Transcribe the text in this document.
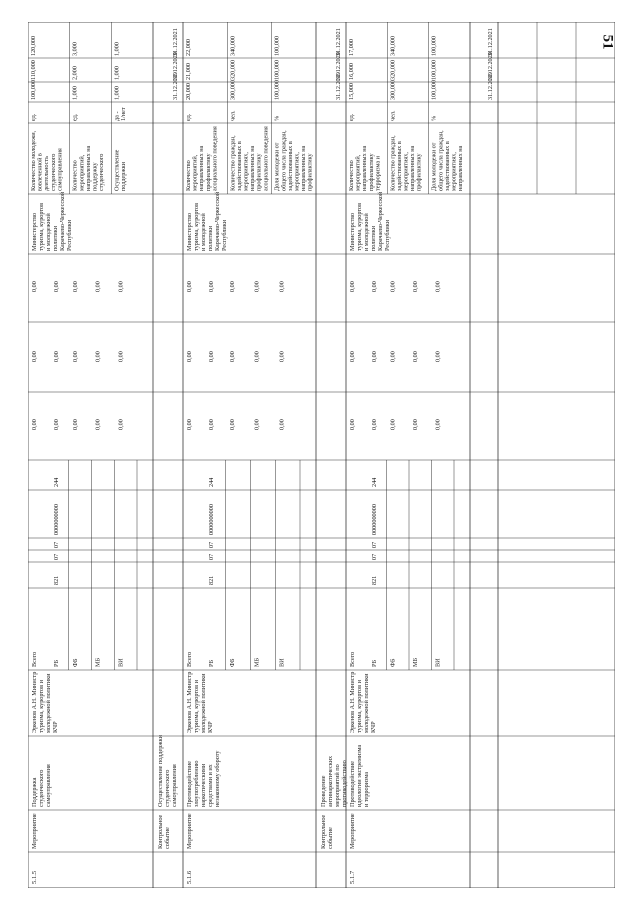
51
31.12.2019
31.12.2020
31.12.2021
31.12.2019
31.12.2020
31.12.2021
31.12.2019
31.12.2020
31.12.2021
5.1.5
Мероприятие
Поддержкастуденческогосамоуправления
Эркенов А.Н. Министртуризма, курортов имолодежной политикиКЧР
Всего РБ
821
07
07
0000000000
244
0,00
0,00
0,00
0,00
0,00
0,00
ФБ
0,00
0,00
0,00
МБ
0,00
0,00
0,00
ВИ
0,00
0,00
0,00
Министерствотуризма, курортови молодежнойполитикиКарачаево-ЧеркесскойРеспублики
Количество молодежи,вовлеченной вдеятельностьстуденческогосамоуправления
ед.
100,000
110,000
120,000
Количествомероприятий,направленных наподдержкустуденческого
ед.
1,000
2,000
3,000
Осуществлениеподдержки
да -1/нет
1,000
1,000
1,000
5.1.6
Мероприятие
Противодействиезлоупотреблениюнаркотическимисредствами и ихнезаконному обороту
Эркенов А.Н. Министртуризма, курортов имолодежной политикиКЧР
Всего РБ
821
07
07
0000000000
244
0,00
0,00
0,00
0,00
0,00
0,00
ФБ
0,00
0,00
0,00
МБ
0,00
0,00
0,00
ВИ
0,00
0,00
0,00
Министерствотуризма, курортови молодежнойполитикиКарачаево-ЧеркесскойРеспублики
Количествомероприятий,направленных напрофилактикуасоциального поведения
ед.
20,000
21,000
22,000
Количество граждан,задействованных вмероприятиях,направленных напрофилактикуасоциального поведения
чел.
300,000
320,000
340,000
Доля молодежи отобщего числа граждан,задействованных вмероприятиях,направленных напрофилактику
%
100,000
100,000
100,000
5.1.7
Мероприятие
Противодействиеидеологии экстремизмаи терроризма
Эркенов А.Н. Министртуризма, курортов имолодежной политикиКЧР
Всего РБ
821
07
07
0000000000
244
0,00
0,00
0,00
0,00
0,00
0,00
ФБ
0,00
0,00
0,00
МБ
0,00
0,00
0,00
ВИ
0,00
0,00
0,00
Министерствотуризма, курортови молодежнойполитикиКарачаево-ЧеркесскойРеспублики
Количествомероприятий,направленных напрофилактикутерроризма и
ед.
15,000
16,000
17,000
Количество граждан,задействованных вмероприятиях,направленных напрофилактику
чел.
300,000
320,000
340,000
Доля молодежи отобщего числа граждан,задействованных вмероприятиях,направленных на
%
100,000
100,000
100,000
Контрольноесобытие
Осуществление поддержкистуденческогосамоуправления
Контрольноесобытие
Проведениеантинаркотическихмероприятий попротиводействию
